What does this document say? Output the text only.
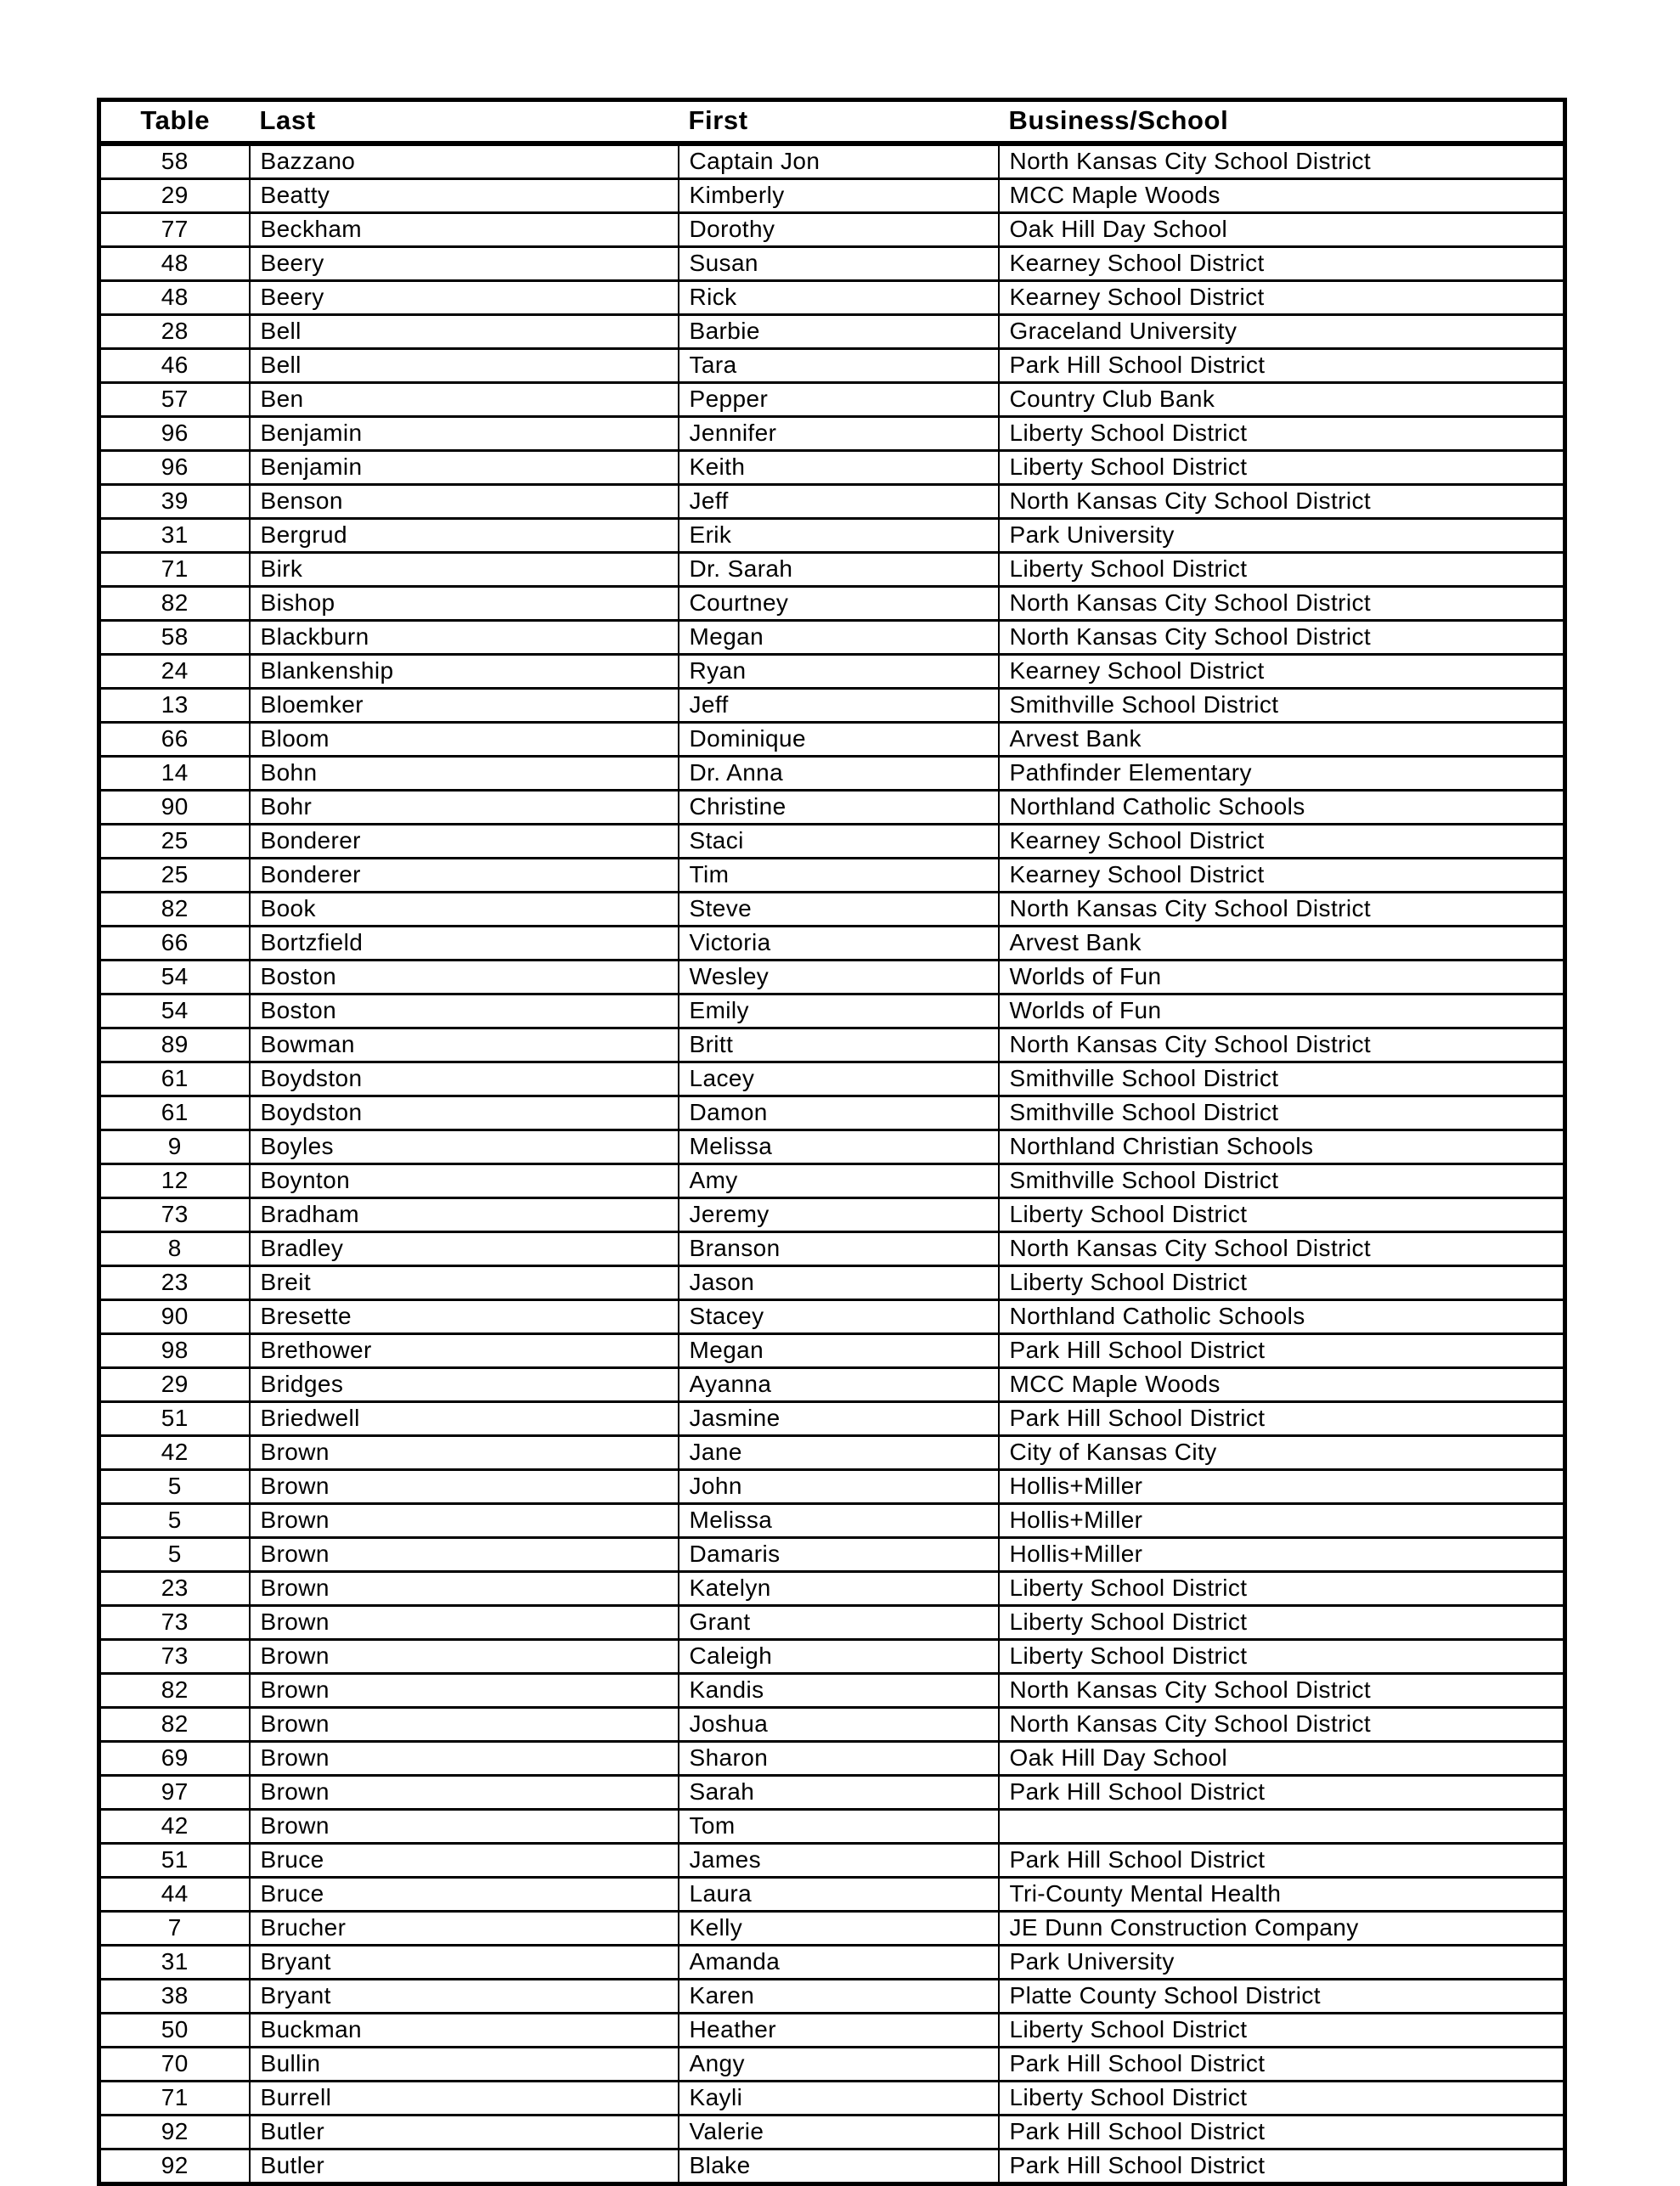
Table	Last	First	Business/School
58	Bazzano	Captain Jon	North Kansas City School District
29	Beatty	Kimberly	MCC Maple Woods
77	Beckham	Dorothy	Oak Hill Day School
48	Beery	Susan	Kearney School District
48	Beery	Rick	Kearney School District
28	Bell	Barbie	Graceland University
46	Bell	Tara	Park Hill School District
57	Ben	Pepper	Country Club Bank
96	Benjamin	Jennifer	Liberty School District
96	Benjamin	Keith	Liberty School District
39	Benson	Jeff	North Kansas City School District
31	Bergrud	Erik	Park University
71	Birk	Dr. Sarah	Liberty School District
82	Bishop	Courtney	North Kansas City School District
58	Blackburn	Megan	North Kansas City School District
24	Blankenship	Ryan	Kearney School District
13	Bloemker	Jeff	Smithville School District
66	Bloom	Dominique	Arvest Bank
14	Bohn	Dr. Anna	Pathfinder Elementary
90	Bohr	Christine	Northland Catholic Schools
25	Bonderer	Staci	Kearney School District
25	Bonderer	Tim	Kearney School District
82	Book	Steve	North Kansas City School District
66	Bortzfield	Victoria	Arvest Bank
54	Boston	Wesley	Worlds of Fun
54	Boston	Emily	Worlds of Fun
89	Bowman	Britt	North Kansas City School District
61	Boydston	Lacey	Smithville School District
61	Boydston	Damon	Smithville School District
9	Boyles	Melissa	Northland Christian Schools
12	Boynton	Amy	Smithville School District
73	Bradham	Jeremy	Liberty School District
8	Bradley	Branson	North Kansas City School District
23	Breit	Jason	Liberty School District
90	Bresette	Stacey	Northland Catholic Schools
98	Brethower	Megan	Park Hill School District
29	Bridges	Ayanna	MCC Maple Woods
51	Briedwell	Jasmine	Park Hill School District
42	Brown	Jane	City of Kansas City
5	Brown	John	Hollis+Miller
5	Brown	Melissa	Hollis+Miller
5	Brown	Damaris	Hollis+Miller
23	Brown	Katelyn	Liberty School District
73	Brown	Grant	Liberty School District
73	Brown	Caleigh	Liberty School District
82	Brown	Kandis	North Kansas City School District
82	Brown	Joshua	North Kansas City School District
69	Brown	Sharon	Oak Hill Day School
97	Brown	Sarah	Park Hill School District
42	Brown	Tom	
51	Bruce	James	Park Hill School District
44	Bruce	Laura	Tri-County Mental Health
7	Brucher	Kelly	JE Dunn Construction Company
31	Bryant	Amanda	Park University
38	Bryant	Karen	Platte County School District
50	Buckman	Heather	Liberty School District
70	Bullin	Angy	Park Hill School District
71	Burrell	Kayli	Liberty School District
92	Butler	Valerie	Park Hill School District
92	Butler	Blake	Park Hill School District
